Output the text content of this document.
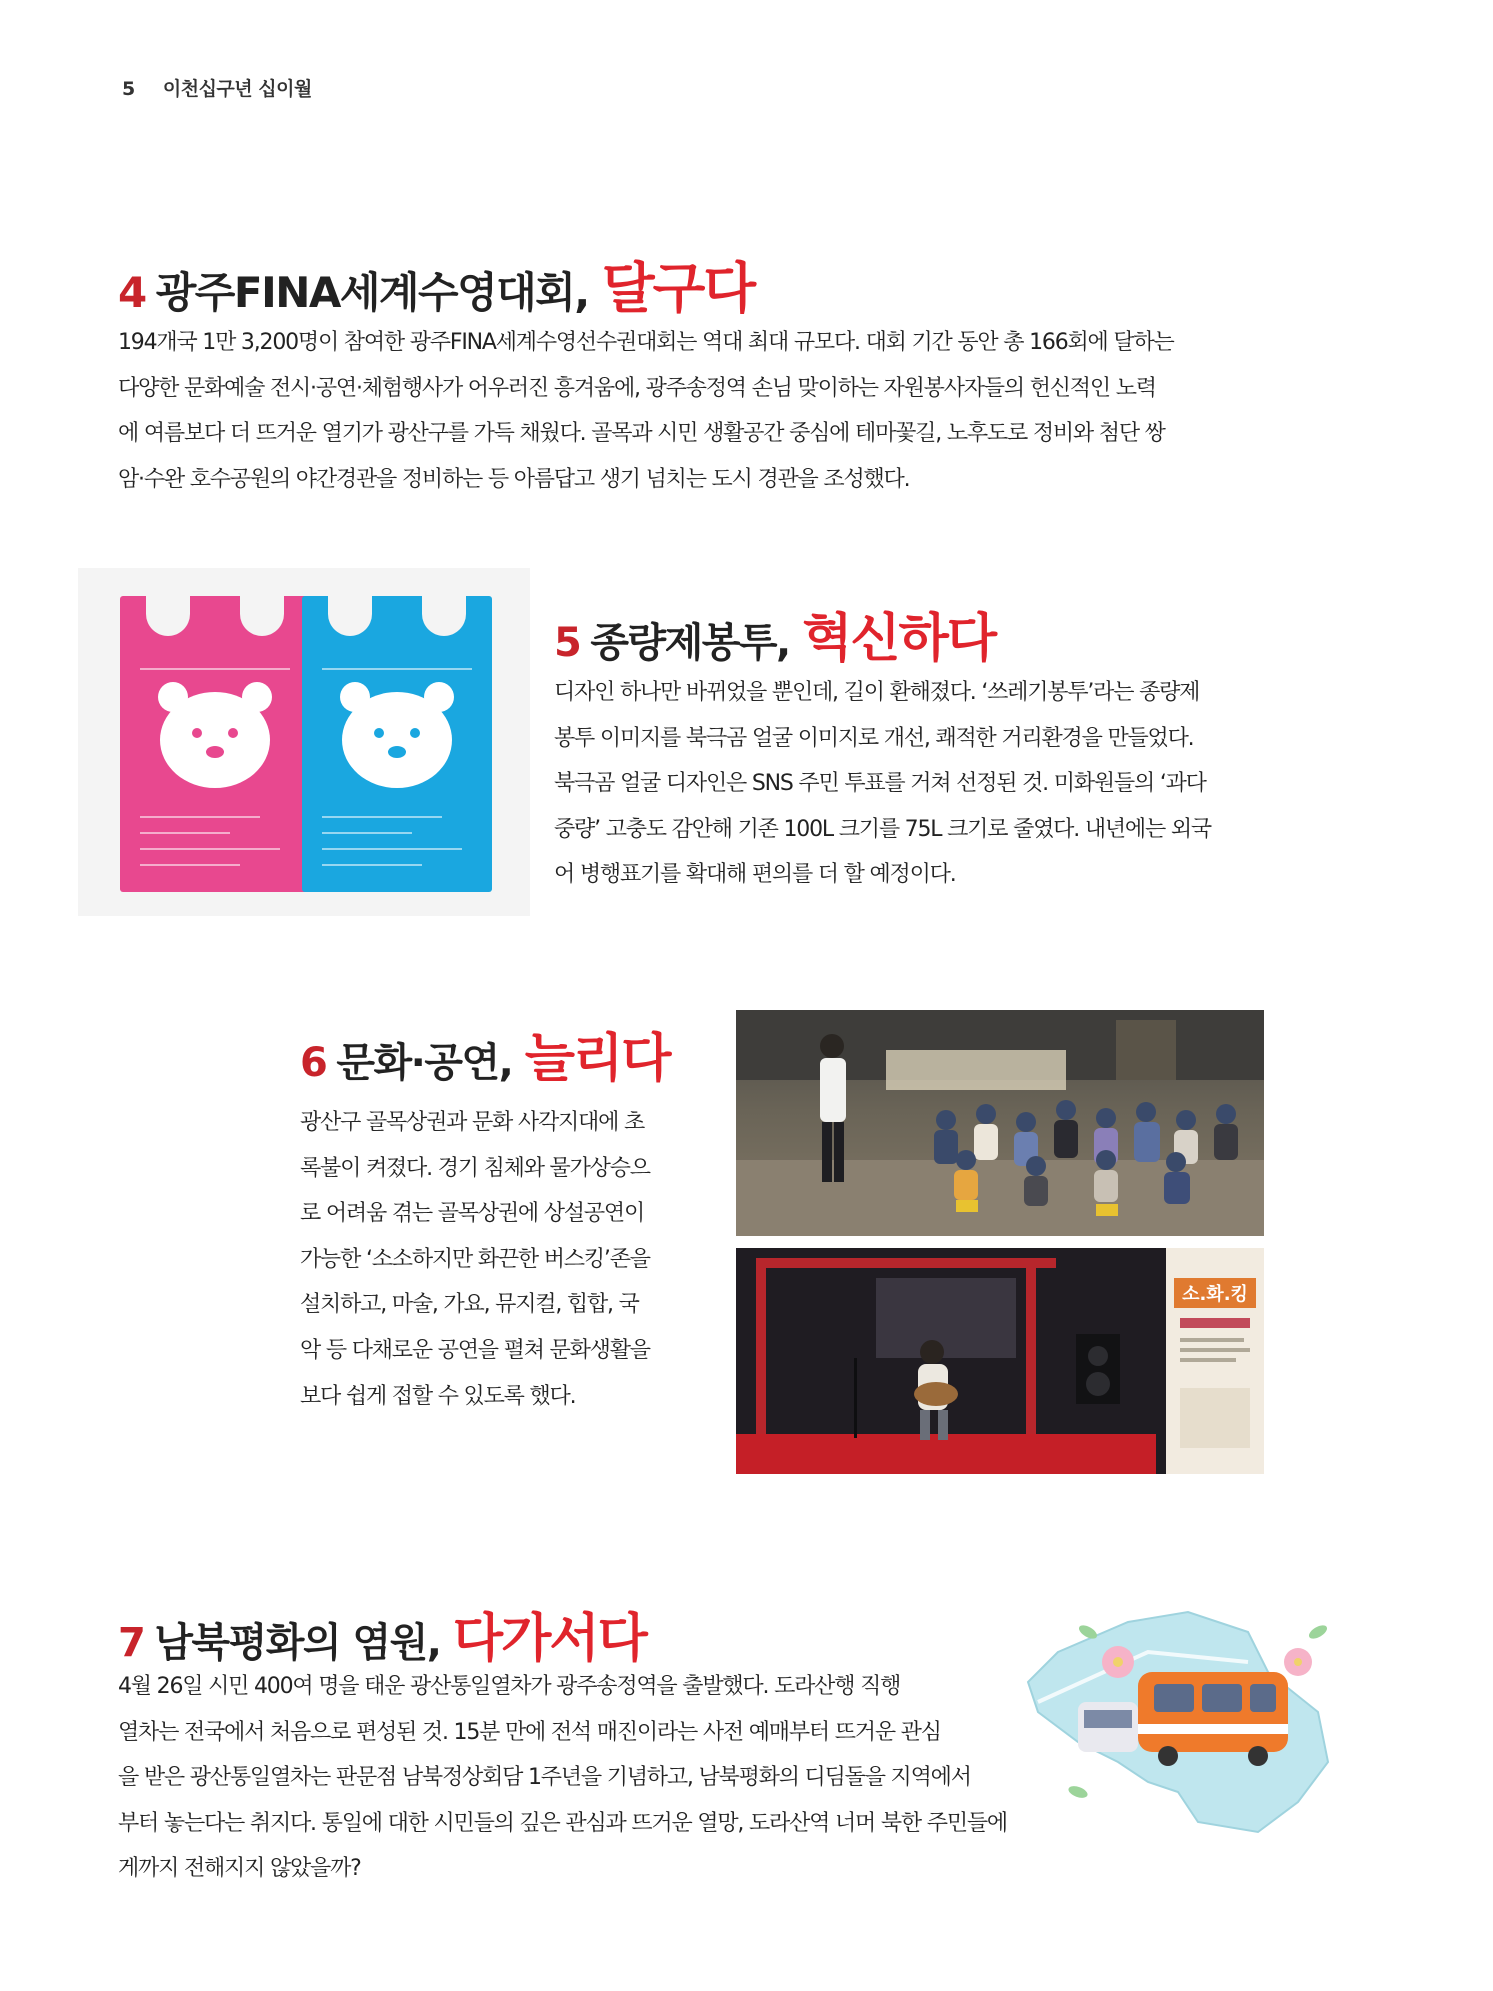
5 이천십구년 십이월
4 광주FINA세계수영대회, 달구다

194개국 1만 3,200명이 참여한 광주FINA세계수영선수권대회는 역대 최대 규모다. 대회 기간 동안 총 166회에 달하는

다양한 문화예술 전시·공연·체험행사가 어우러진 흥겨움에, 광주송정역 손님 맞이하는 자원봉사자들의 헌신적인 노력

에 여름보다 더 뜨거운 열기가 광산구를 가득 채웠다. 골목과 시민 생활공간 중심에 테마꽃길, 노후도로 정비와 첨단 쌍

암·수완 호수공원의 야간경관을 정비하는 등 아름답고 생기 넘치는 도시 경관을 조성했다.

5 종량제봉투, 혁신하다

디자인 하나만 바뀌었을 뿐인데, 길이 환해졌다. ‘쓰레기봉투’라는 종량제

봉투 이미지를 북극곰 얼굴 이미지로 개선, 쾌적한 거리환경을 만들었다.

북극곰 얼굴 디자인은 SNS 주민 투표를 거쳐 선정된 것. 미화원들의 ‘과다

중량’ 고충도 감안해 기존 100L 크기를 75L 크기로 줄였다. 내년에는 외국

어 병행표기를 확대해 편의를 더 할 예정이다.

6 문화·공연, 늘리다

광산구 골목상권과 문화 사각지대에 초

록불이 켜졌다. 경기 침체와 물가상승으

로 어려움 겪는 골목상권에 상설공연이

가능한 ‘소소하지만 화끈한 버스킹’존을

설치하고, 마술, 가요, 뮤지컬, 힙합, 국

악 등 다채로운 공연을 펼쳐 문화생활을

보다 쉽게 접할 수 있도록 했다.

소.화.킹
7 남북평화의 염원, 다가서다

4월 26일 시민 400여 명을 태운 광산통일열차가 광주송정역을 출발했다. 도라산행 직행

열차는 전국에서 처음으로 편성된 것. 15분 만에 전석 매진이라는 사전 예매부터 뜨거운 관심

을 받은 광산통일열차는 판문점 남북정상회담 1주년을 기념하고, 남북평화의 디딤돌을 지역에서

부터 놓는다는 취지다. 통일에 대한 시민들의 깊은 관심과 뜨거운 열망, 도라산역 너머 북한 주민들에

게까지 전해지지 않았을까?
